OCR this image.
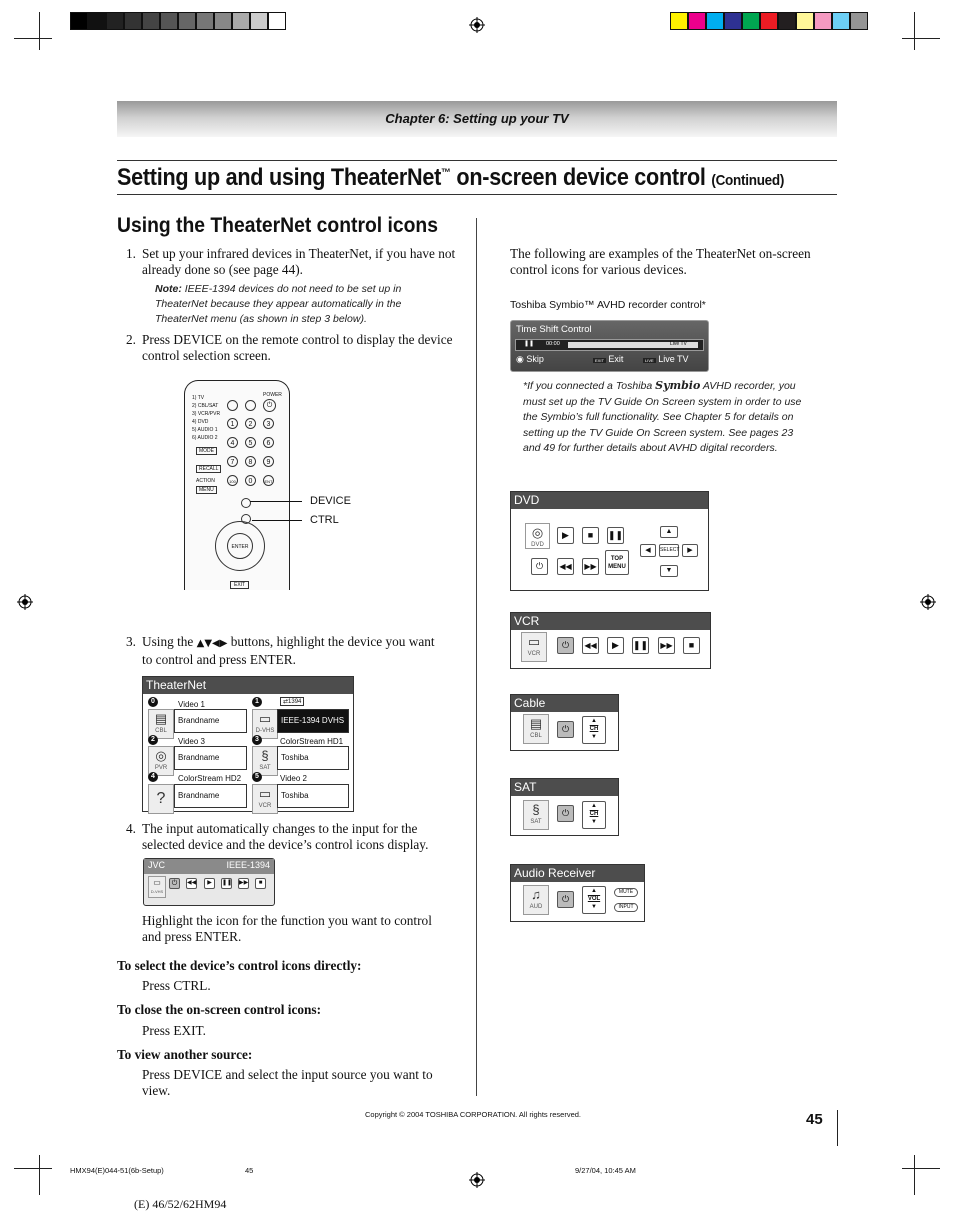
Chapter 6: Setting up your TV
Setting up and using TheaterNet™ on-screen device control (Continued)
Using the TheaterNet control icons
1. Set up your infrared devices in TheaterNet, if you have not
already done so (see page 44).
Note: IEEE-1394 devices do not need to be set up in
TheaterNet because they appear automatically in the
TheaterNet menu (as shown in step 3 below).
2. Press DEVICE on the remote control to display the device
control selection screen.
1) TV
2) CBL/SAT
3) VCR/PVR
4) DVD
5) AUDIO 1
6) AUDIO 2
POWER
⏻
MODE
1	2	3
4	5	6
7	8	9
100	0	ENT
RECALL
ACTION
MENU
ENTER
EXIT
DEVICE
CTRL
3. Using the ▲▼◀▶ buttons, highlight the device you want
to control and press ENTER.
TheaterNet
0	Video 1
▤
CBL
Brandname
1	⇄1394
▭
D-VHS
IEEE-1394 DVHS
2	Video 3
◎
PVR
Brandname
3	ColorStream HD1
§
SAT
Toshiba
4	ColorStream HD2
?	Brandname
5	Video 2
▭
VCR
Toshiba
4. The input automatically changes to the input for the
selected device and the device’s control icons display.
JVC	IEEE-1394
▭
D-VHS
⏻	◀◀	▶	❚❚ ▶▶	■
Highlight the icon for the function you want to control
and press ENTER.
To select the device’s control icons directly:
Press CTRL.
To close the on-screen control icons:
Press EXIT.
To view another source:
Press DEVICE and select the input source you want to
view.
The following are examples of the TheaterNet on-screen
control icons for various devices.
Toshiba Symbio™ AVHD recorder control*
Time Shift Control
❚❚ 00:00	Live TV
◉ Skip	EXIT Exit	LIVE Live TV
*If you connected a Toshiba Symbio AVHD recorder, you
must set up the TV Guide On Screen system in order to use
the Symbio’s full functionality. See Chapter 5 for details on
setting up the TV Guide On Screen system. See pages 23
and 49 for further details about AVHD digital recorders.
DVD
◎
DVD
▶	■	❚❚
⏻	◀◀ ▶▶
TOP MENU
▲
◀	SELECT	▶
▼
VCR
▭
VCR
⏻	◀◀	▶	❚❚ ▶▶	■
Cable
▤
CBL
⏻
▲
CH
▼
SAT
§
SAT
⏻
▲
CH
▼
Audio Receiver
♫
AUD
⏻
▲
VOL
▼
MUTE
INPUT
Copyright © 2004 TOSHIBA CORPORATION. All rights reserved.	45
HMX94(E)044-51(6b-Setup)	45	9/27/04, 10:45 AM
(E) 46/52/62HM94
